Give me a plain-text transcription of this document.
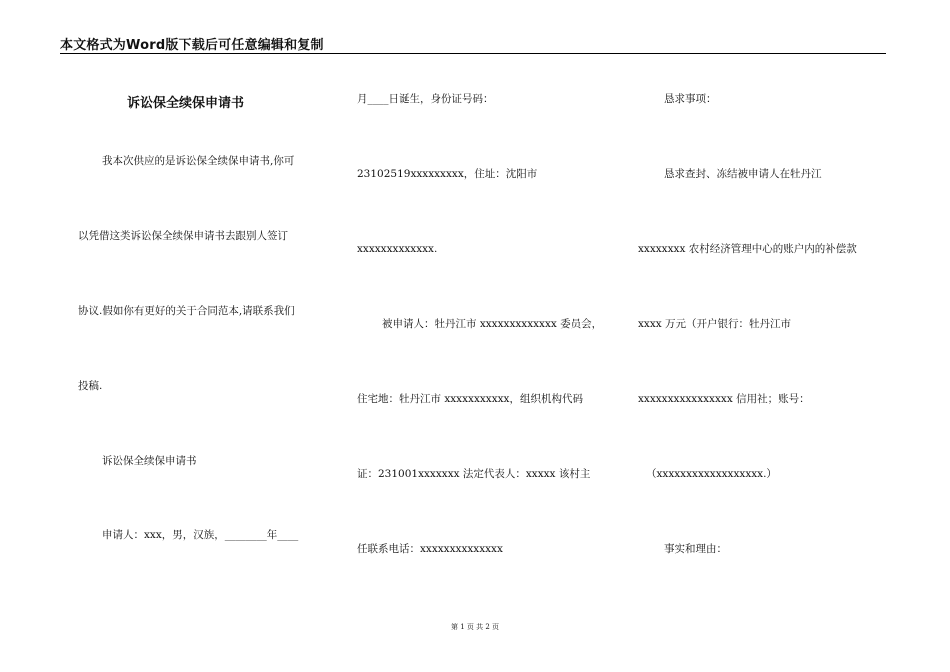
本文格式为Word版下载后可任意编辑和复制
诉讼保全续保申请书
我本次供应的是诉讼保全续保申请书,你可
以凭借这类诉讼保全续保申请书去跟别人签订
协议.假如你有更好的关于合同范本,请联系我们
投稿.
诉讼保全续保申请书
申请人：xxx，男，汉族，________年____
月____日诞生，身份证号码：
23102519xxxxxxxxx，住址：沈阳市
xxxxxxxxxxxxx.
被申请人：牡丹江市 xxxxxxxxxxxxx 委员会，
住宅地：牡丹江市 xxxxxxxxxxx，组织机构代码
证：231001xxxxxxx 法定代表人：xxxxx 该村主
任联系电话：xxxxxxxxxxxxxx
恳求事项：
恳求查封、冻结被申请人在牡丹江
xxxxxxxx 农村经济管理中心的账户内的补偿款
xxxx 万元（开户银行：牡丹江市
xxxxxxxxxxxxxxxx 信用社；账号：
（xxxxxxxxxxxxxxxxxx.）
事实和理由：
第 1 页 共 2 页
